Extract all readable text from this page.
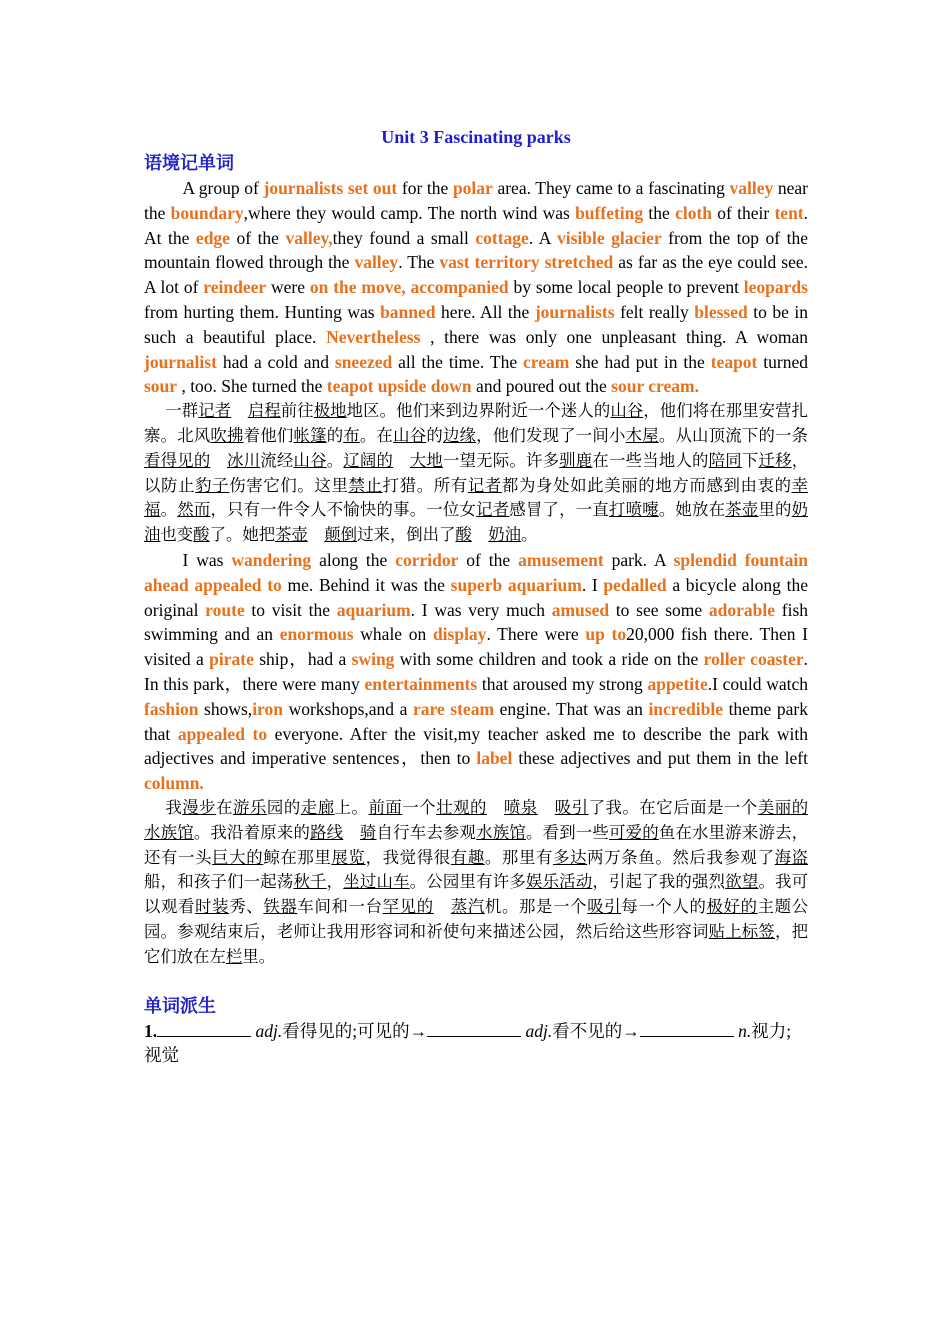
Unit 3 Fascinating parks
语境记单词

A group of journalists set out for the polar area. They came to a fascinating valley near the boundary,where they would camp. The north wind was buffeting the cloth of their tent. At the edge of the valley,they found a small cottage. A visible glacier from the top of the mountain flowed through the valley. The vast territory stretched as far as the eye could see. A lot of reindeer were on the move, accompanied by some local people to prevent leopards from hurting them. Hunting was banned here. All the journalists felt really blessed to be in such a beautiful place. Nevertheless , there was only one unpleasant thing. A woman journalist had a cold and sneezed all the time. The cream she had put in the teapot turned sour , too. She turned the teapot upside down and poured out the sour cream.

一群记者　 启程前往极地地区。他们来到边界附近一个迷人的山谷，他们将在那里安营扎寨。北风吹拂着他们帐篷的布。在山谷的边缘，他们发现了一间小木屋。从山顶流下的一条看得见的　 冰川流经山谷。辽阔的　 大地一望无际。许多驯鹿在一些当地人的陪同下迁移，以防止豹子伤害它们。这里禁止打猎。所有记者都为身处如此美丽的地方而感到由衷的幸福。然而，只有一件令人不愉快的事。一位女记者感冒了，一直打喷嚏。她放在茶壶里的奶油也变酸了。她把茶壶　 颠倒过来，倒出了酸　 奶油。

I was wandering along the corridor of the amusement park. A splendid fountain ahead appealed to me. Behind it was the superb aquarium. I pedalled a bicycle along the original route to visit the aquarium. I was very much amused to see some adorable fish swimming and an enormous whale on display. There were up to20,000 fish there. Then I visited a pirate ship，had a swing with some children and took a ride on the roller coaster. In this park，there were many entertainments that aroused my strong appetite.I could watch fashion shows,iron workshops,and a rare steam engine. That was an incredible theme park that appealed to everyone. After the visit,my teacher asked me to describe the park with adjectives and imperative sentences，then to label these adjectives and put them in the left column.

我漫步在游乐园的走廊上。前面一个壮观的　 喷泉　 吸引了我。在它后面是一个美丽的　水族馆。我沿着原来的路线　 骑自行车去参观水族馆。看到一些可爱的鱼在水里游来游去，还有一头巨大的鲸在那里展览，我觉得很有趣。那里有多达两万条鱼。然后我参观了海盗船，和孩子们一起荡秋千，坐过山车。公园里有许多娱乐活动，引起了我的强烈欲望。我可以观看时装秀、铁器车间和一台罕见的　 蒸汽机。那是一个吸引每一个人的极好的主题公园。参观结束后，老师让我用形容词和祈使句来描述公园，然后给这些形容词贴上标签，把它们放在左栏里。

单词派生

1.	adj.看得见的;可见的→	adj.看不见的→	n.视力;视觉
